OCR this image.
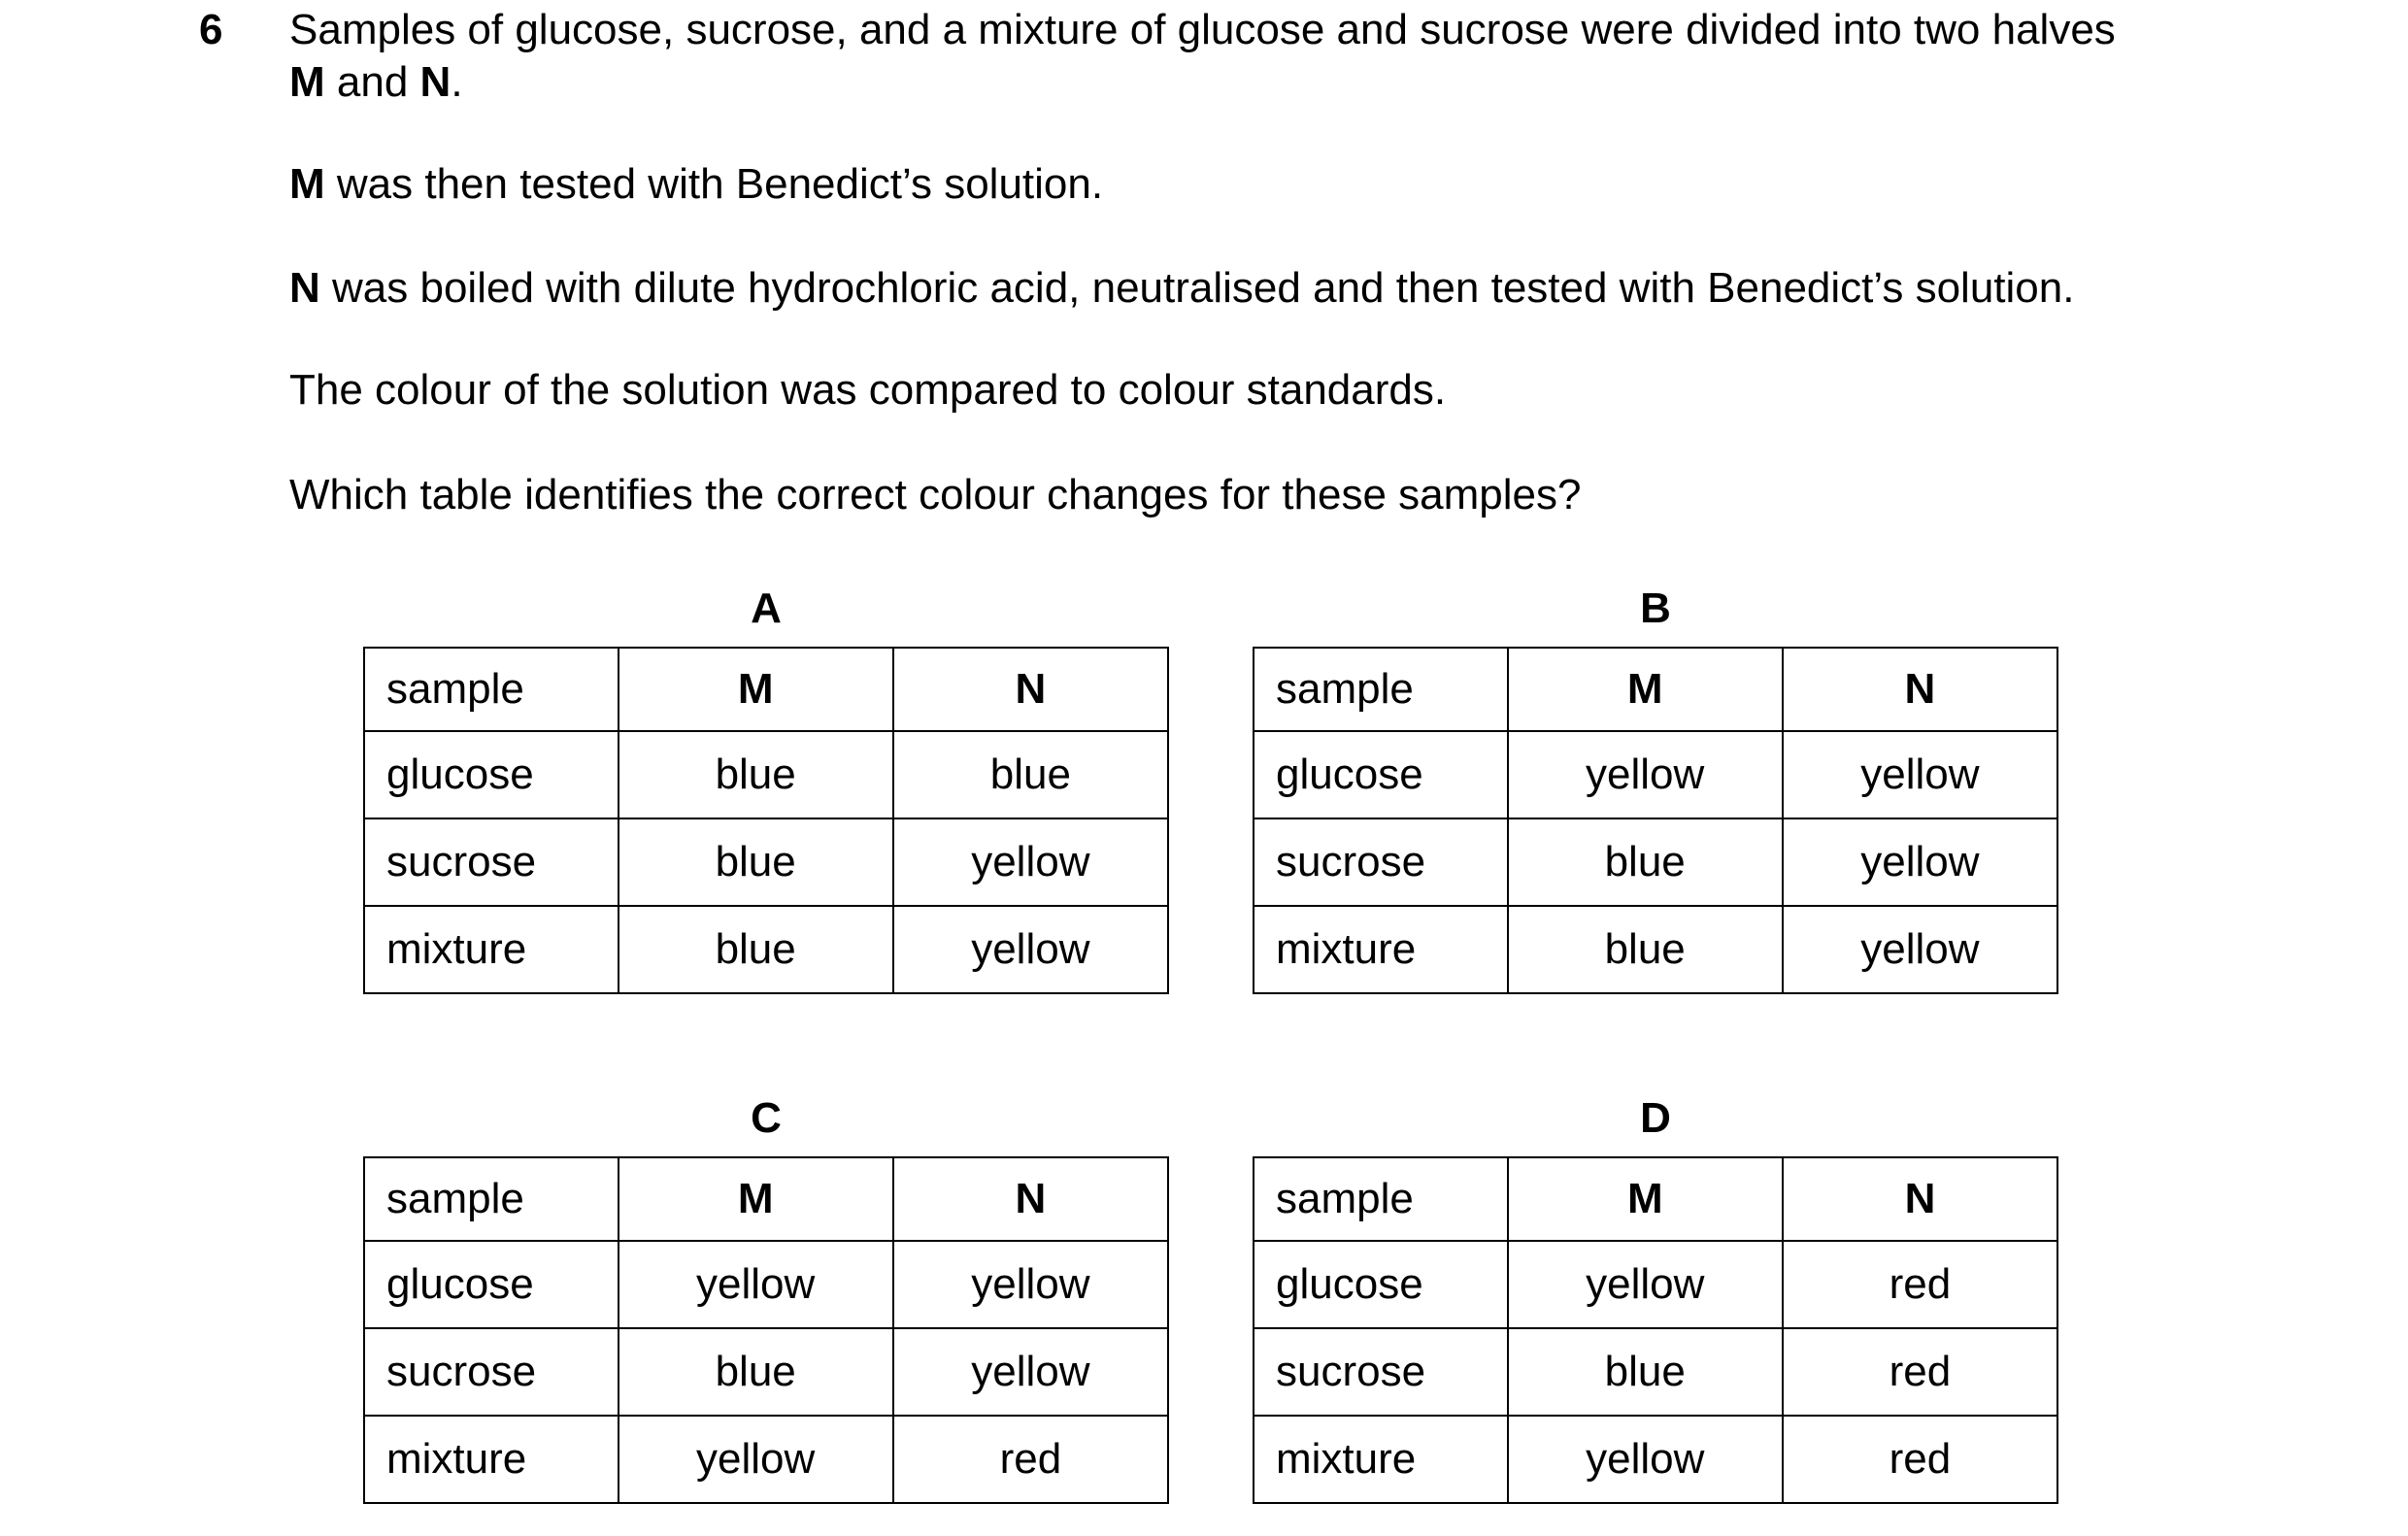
6 Samples of glucose, sucrose, and a mixture of glucose and sucrose were divided into two halves
M and N.
M was then tested with Benedict’s solution.
N was boiled with dilute hydrochloric acid, neutralised and then tested with Benedict’s solution.
The colour of the solution was compared to colour standards.
Which table identifies the correct colour changes for these samples?
A
sample	M	N
glucose	blue	blue
sucrose	blue	yellow
mixture	blue	yellow
B
sample	M	N
glucose	yellow	yellow
sucrose	blue	yellow
mixture	blue	yellow
C
sample	M	N
glucose	yellow	yellow
sucrose	blue	yellow
mixture	yellow	red
D
sample	M	N
glucose	yellow	red
sucrose	blue	red
mixture	yellow	red
